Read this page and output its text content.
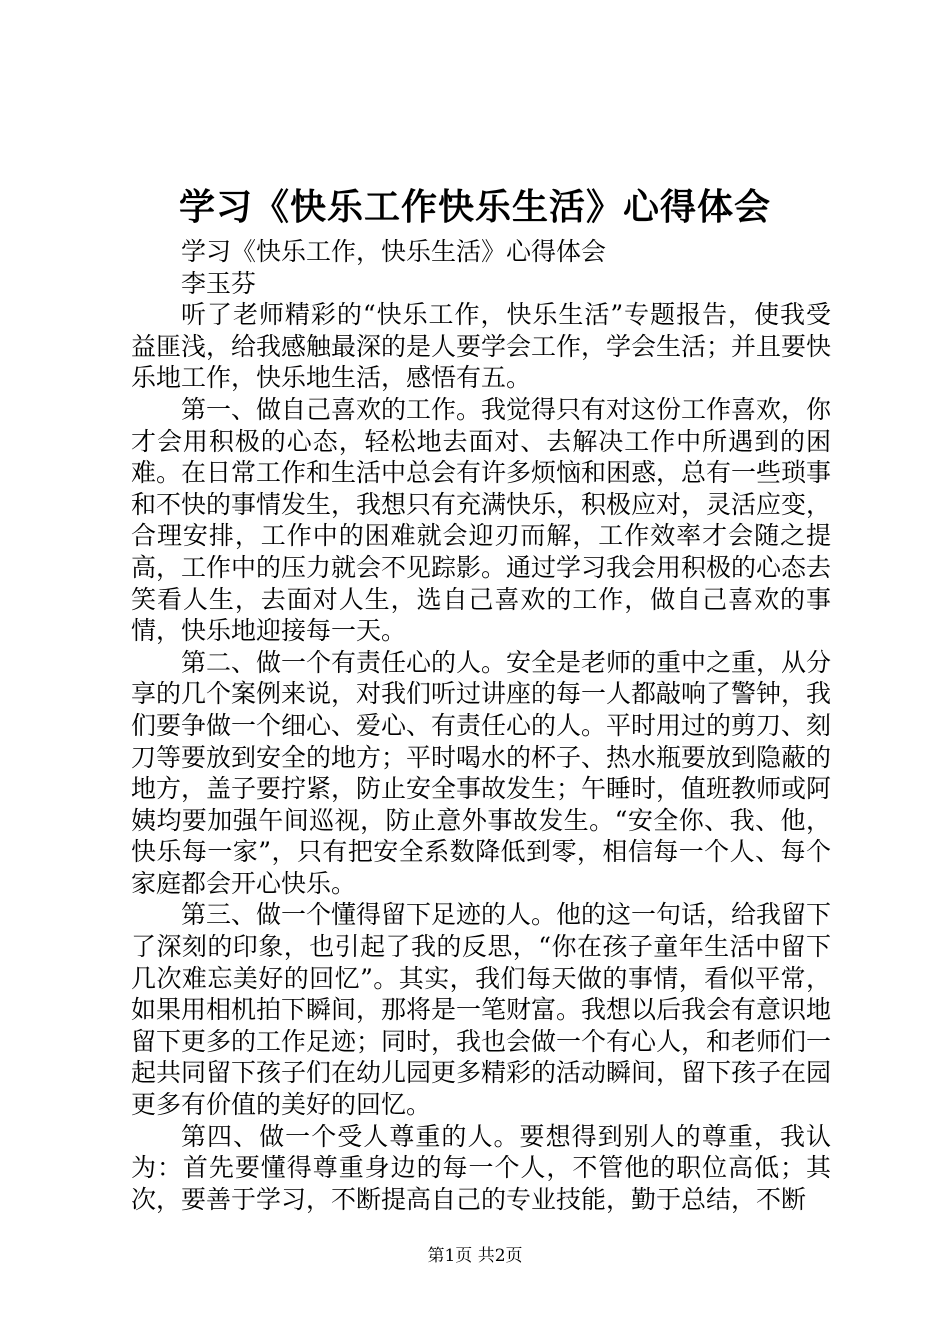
学习《快乐工作快乐生活》心得体会

学习《快乐工作，快乐生活》心得体会

李玉芬

听了老师精彩的“快乐工作，快乐生活”专题报告，使我受益匪浅，给我感触最深的是人要学会工作，学会生活；并且要快乐地工作，快乐地生活，感悟有五。

第一、做自己喜欢的工作。我觉得只有对这份工作喜欢，你才会用积极的心态，轻松地去面对、去解决工作中所遇到的困难。在日常工作和生活中总会有许多烦恼和困惑，总有一些琐事和不快的事情发生，我想只有充满快乐，积极应对，灵活应变，合理安排，工作中的困难就会迎刃而解，工作效率才会随之提高，工作中的压力就会不见踪影。通过学习我会用积极的心态去笑看人生，去面对人生，选自己喜欢的工作，做自己喜欢的事情，快乐地迎接每一天。

第二、做一个有责任心的人。安全是老师的重中之重，从分享的几个案例来说，对我们听过讲座的每一人都敲响了警钟，我们要争做一个细心、爱心、有责任心的人。平时用过的剪刀、刻刀等要放到安全的地方；平时喝水的杯子、热水瓶要放到隐蔽的地方，盖子要拧紧，防止安全事故发生；午睡时，值班教师或阿姨均要加强午间巡视，防止意外事故发生。“安全你、我、他，快乐每一家”，只有把安全系数降低到零，相信每一个人、每个家庭都会开心快乐。

第三、做一个懂得留下足迹的人。他的这一句话，给我留下了深刻的印象，也引起了我的反思，“你在孩子童年生活中留下几次难忘美好的回忆”。其实，我们每天做的事情，看似平常，如果用相机拍下瞬间，那将是一笔财富。我想以后我会有意识地留下更多的工作足迹；同时，我也会做一个有心人，和老师们一起共同留下孩子们在幼儿园更多精彩的活动瞬间，留下孩子在园更多有价值的美好的回忆。

第四、做一个受人尊重的人。要想得到别人的尊重，我认为：首先要懂得尊重身边的每一个人，不管他的职位高低；其次，要善于学习，不断提高自己的专业技能，勤于总结，不断

第1页 共2页
